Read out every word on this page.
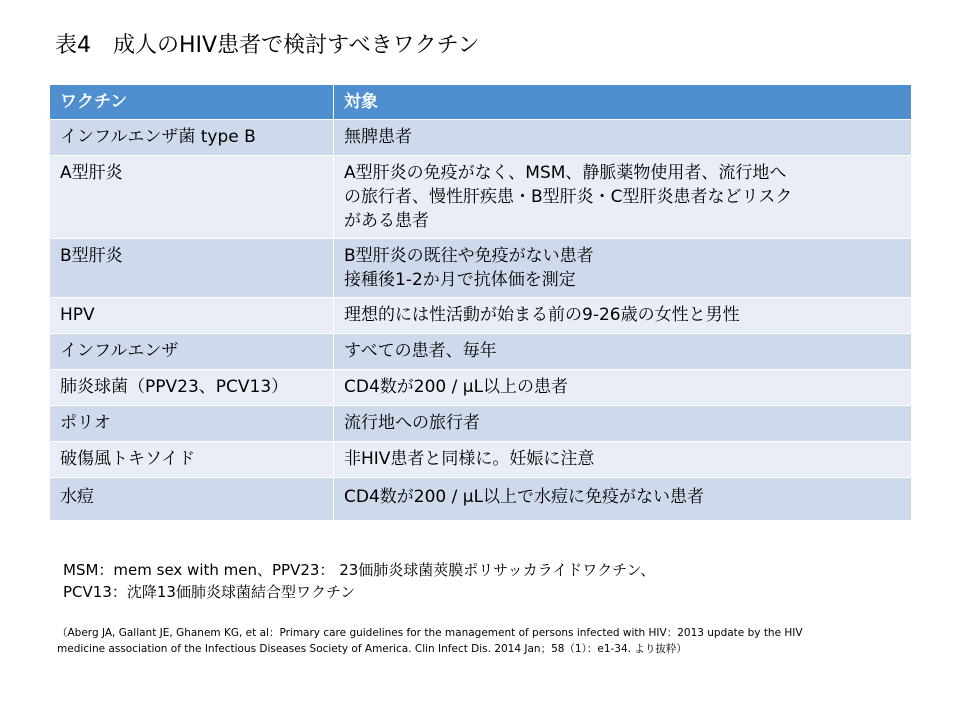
表4　成人のHIV患者で検討すべきワクチン
ワクチン	対象
インフルエンザ菌 type B	無脾患者

A型肝炎	A型肝炎の免疫がなく、MSM、静脈薬物使用者、流行地へ
の旅行者、慢性肝疾患・B型肝炎・C型肝炎患者などリスク
がある患者

B型肝炎	B型肝炎の既往や免疫がない患者
接種後1-2か月で抗体価を測定

HPV	理想的には性活動が始まる前の9-26歳の女性と男性

インフルエンザ	すべての患者、毎年

肺炎球菌（PPV23、PCV13）	CD4数が200 / μL以上の患者

ポリオ	流行地への旅行者

破傷風トキソイド	非HIV患者と同様に。妊娠に注意

水痘	CD4数が200 / μL以上で水痘に免疫がない患者
MSM：mem sex with men、PPV23： 23価肺炎球菌莢膜ポリサッカライドワクチン、
PCV13：沈降13価肺炎球菌結合型ワクチン
（Aberg JA, Gallant JE, Ghanem KG, et al：Primary care guidelines for the management of persons infected with HIV：2013 update by the HIV
medicine association of the Infectious Diseases Society of America. Clin Infect Dis. 2014 Jan；58（1）：e1-34. より抜粋）
